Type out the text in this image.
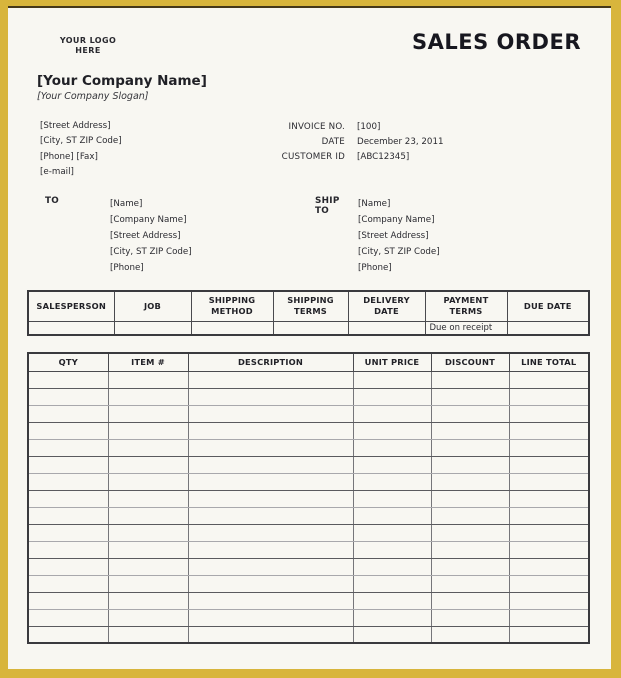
YOUR LOGO
HERE	SALES ORDER
[Your Company Name]
[Your Company Slogan]
[Street Address]
[City, ST ZIP Code]
[Phone] [Fax]
[e-mail]
INVOICE NO. [100]
DATE December 23, 2011
CUSTOMER ID [ABC12345]
TO	[Name]
[Company Name]
[Street Address]
[City, ST ZIP Code]
[Phone]
SHIP TO
[Name]
[Company Name]
[Street Address]
[City, ST ZIP Code]
[Phone]
SALESPERSON	JOB	SHIPPING METHOD	SHIPPING TERMS	DELIVERY DATE	PAYMENT TERMS	DUE DATE
					Due on receipt	
QTY	ITEM #	DESCRIPTION	UNIT PRICE	DISCOUNT	LINE TOTAL
